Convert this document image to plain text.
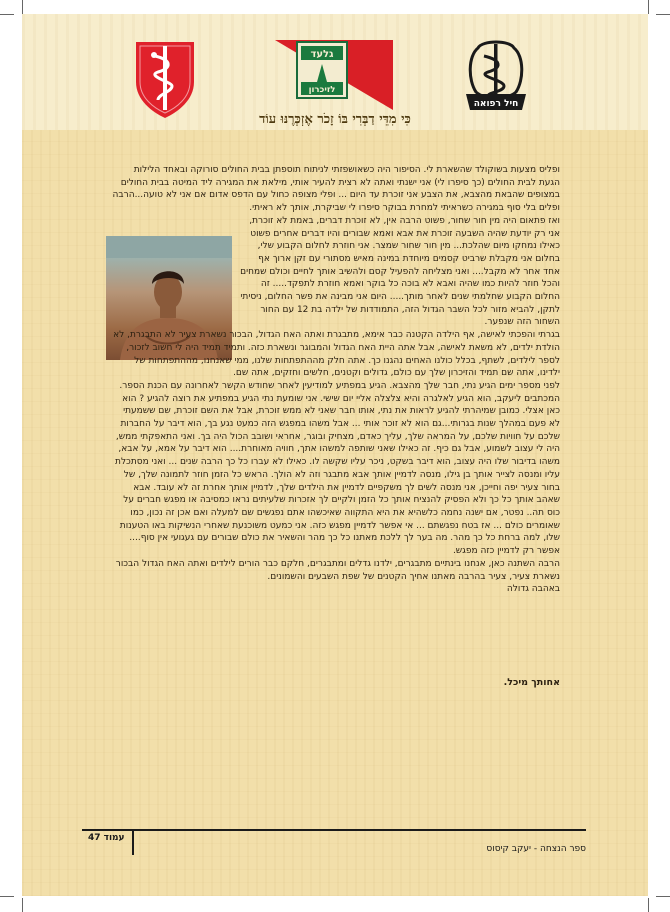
גלעד
לזיכרון
חיל רפואה
כִּי מִדֵּי דַבְּרִי בּוֹ זָכֹר אֶזְכְּרֶנּוּ עוֹד

ופליס מצעות בשוקולד שהשארת לי. הסיפור היה כשאושפזתי לניתוח תוספתן בבית החולים סורוקה ובאחד הלילות הגעת לבית החולים (כך סיפרו לי) אני ישנתי ואתה לא רצית להעיר אותי, מילאת את המגירה ליד המיטה בבית החולים במצופים שהבאת מהצבא, את הצבע אני זוכרת עד היום ... ופלי מצופה כחול עם הדפס אדום אם אני לא טועה...הרבה ופלים בלי סוף במגירה כשראיתי למחרת בבוקר סיפרו לי שביקרת, אותך לא ראיתי.

ואז פתאום היה מין חור שחור, פשוט הרבה אין, לא זוכרת דברים, באמת לא זוכרת, אני רק יודעת שהיה השבעה זוכרת את אבא ואמא שבורים והיו דברים אחרים פשוט כאילו נמחקו מיום שהלכת... מין חור שחור שמצר. אני חוזרת לחלום הקבוע שלי, בחלום אני מקבלת שרביט קסמים מיוחדת במינה מאיש מסתורי עם זקן ארוך אף אחד אחר לא מקבל.... ואני מצליחה להפעיל קסם ולהשיב אותך לחיים וכולם שמחים והכל חוזר להיות כמו שהיה ואבא לא בוכה כל בוקר ואמא חוזרת לתפקד..... זה החלום הקבוע שחלמתי שנים לאחר מותך..... היום אני מבינה את פשר החלום, ניסיתי לתקן, להביא מזור לכל השבר הגדול הזה, התמודדות של ילדה בת 12 עם החור השחור הזה שנפער.

בגרתי והפכתי לאישה, אף הילדה הקטנה כבר אימא, מתבגרת ואתה האח הגדול, הבכור נשארת צעיר לא התבגרת, לא הולדת ילדים, לא משאת לאישה, אבל אתה היית האח הגדול והמבוגר ונשארת כזה. ותמיד תמיד היה לי חשוב לזכור, לספר לילדים, לשתף, בכלל כולנו האחים נהגנו כך. אתה חלק מההתפתחות שלנו, ממי שאנחנו, מההתפתחות של ילדינו, אתה שם תמיד והזיכרון שלך עם כולם, גדולים וקטנים, חלשים וחזקים, אתה שם.

לפני מספר ימים הגיע נתי, חבר שלך מהצבא. הגיע במפתיע למודיעין לאחר שחודש הקשר לאחרונה עם הכנת הספר. המכתבים ליעקב, הוא הגיע לאלגרה והיא צלצלה אליי יום שישי. אני שומעת נתי הגיע במפתיע את רוצה להגיע ? הוא כאן אצלי. כמובן שמיהרתי להגיע לראות את נתי, אותו חבר שאני לא ממש זוכרת, אבל את השם זוכרת, שם ששמעתי לא פעם במהלך שנות בגרותי...גם הוא לא זוכר אותי ... אבל משהו במפגש הזה כמעט נגע בך, הוא דיבר על החברות שלכם על חוויות שלכם, על המראה שלך, עליך כאדם, מצחיק ובוגר, אחראי ושובב הכול היה בך. ואני התאפקתי ממש, היה לי עצוב לשמוע, אבל גם כיף. זה כאילו שאני שותפה למשהו אתך, חוויה מאוחרת.... הוא דיבר על אמא, על אבא, משהו בדיבור שלו היה עצוב, הוא דיבר בשקט, ניכר עליו שקשה לו. כאילו לא עברו כל כך הרבה שנים ... ואני מסתכלת עליו ומנסה לצייר אותך בן גילו, מנסה לדמיין אותך אבא מתבגר וזה לא הולך. הראש כל הזמן חוזר לתמונה שלך, של בחור צעיר יפה וחייכן, אני מנסה לשים לך משקפיים לדמיין את הילדים שלך, לדמיין אותך אחרת זה לא עובד. אבא שאהב אותך כל כך ולא הפסיק להנציח אותך כל הזמן ולקיים לך אזכרות שלעיתים נראו כמסיבה או מפגש חברים על כוס תה.. נפטר, אם ישנה נחמה כלשהיא את היא התקווה שאיכשהו אתם נפגשים שם למעלה ואם אכן זה נכון, כמו שאומרים כולם ... אז בטח נפגשתם ... אי אפשר לדמיין מפגש כזה. אני כמעט משוכנעת שאחרי הנשיקות באו הטענות שלו, למה ברחת כל כך מהר. מה בער לך ללכת מאתנו כל כך מהר והשאיר את כולם שבורים עם געגועי אין סוף.... אפשר רק לדמיין כזה מפגש.

הרבה השתנה כאן, אנחנו בינתיים מתבגרים, ילדנו גדלים ומתבגרים, חלקם כבר הורים לילדים ואתה האח הגדול הבכור נשארת צעיר, צעיר בהרבה מאתנו אחיך הקטנים של שפת השבעים והשמונים.

באהבה גדולה

אחותך מיכל.
עמוד 47
ספר הנצחה - יעקב קיסוס
